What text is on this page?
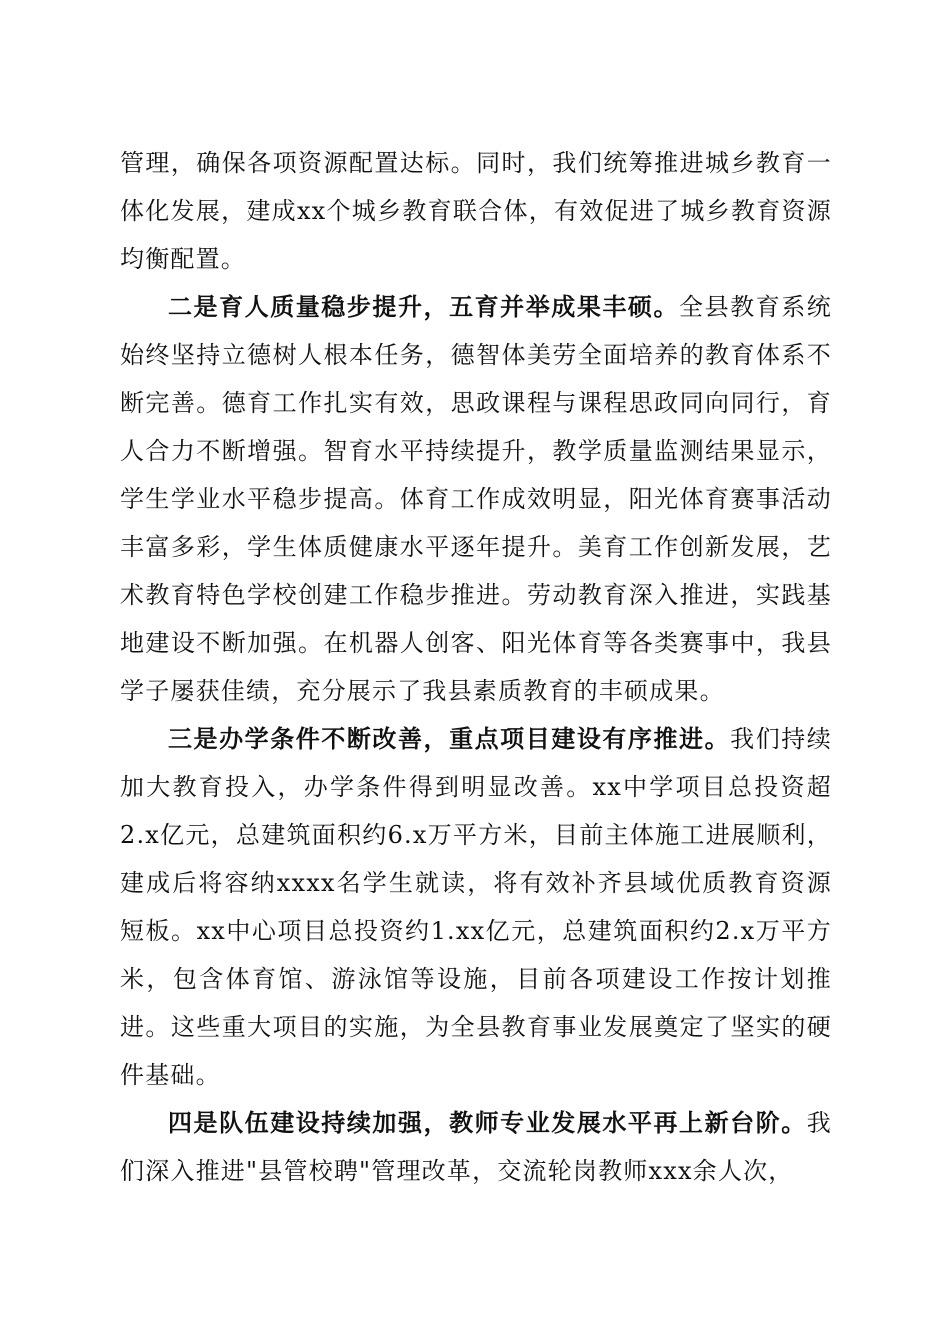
管理，确保各项资源配置达标。同时，我们统筹推进城乡教育一体化发展，建成xx个城乡教育联合体，有效促进了城乡教育资源均衡配置。

二是育人质量稳步提升，五育并举成果丰硕。全县教育系统始终坚持立德树人根本任务，德智体美劳全面培养的教育体系不断完善。德育工作扎实有效，思政课程与课程思政同向同行，育人合力不断增强。智育水平持续提升，教学质量监测结果显示，学生学业水平稳步提高。体育工作成效明显，阳光体育赛事活动丰富多彩，学生体质健康水平逐年提升。美育工作创新发展，艺术教育特色学校创建工作稳步推进。劳动教育深入推进，实践基地建设不断加强。在机器人创客、阳光体育等各类赛事中，我县学子屡获佳绩，充分展示了我县素质教育的丰硕成果。

三是办学条件不断改善，重点项目建设有序推进。我们持续加大教育投入，办学条件得到明显改善。xx中学项目总投资超2.x亿元，总建筑面积约6.x万平方米，目前主体施工进展顺利，建成后将容纳xxxx名学生就读，将有效补齐县域优质教育资源短板。xx中心项目总投资约1.xx亿元，总建筑面积约2.x万平方米，包含体育馆、游泳馆等设施，目前各项建设工作按计划推进。这些重大项目的实施，为全县教育事业发展奠定了坚实的硬件基础。

四是队伍建设持续加强，教师专业发展水平再上新台阶。我们深入推进"县管校聘"管理改革，交流轮岗教师xxx余人次，
